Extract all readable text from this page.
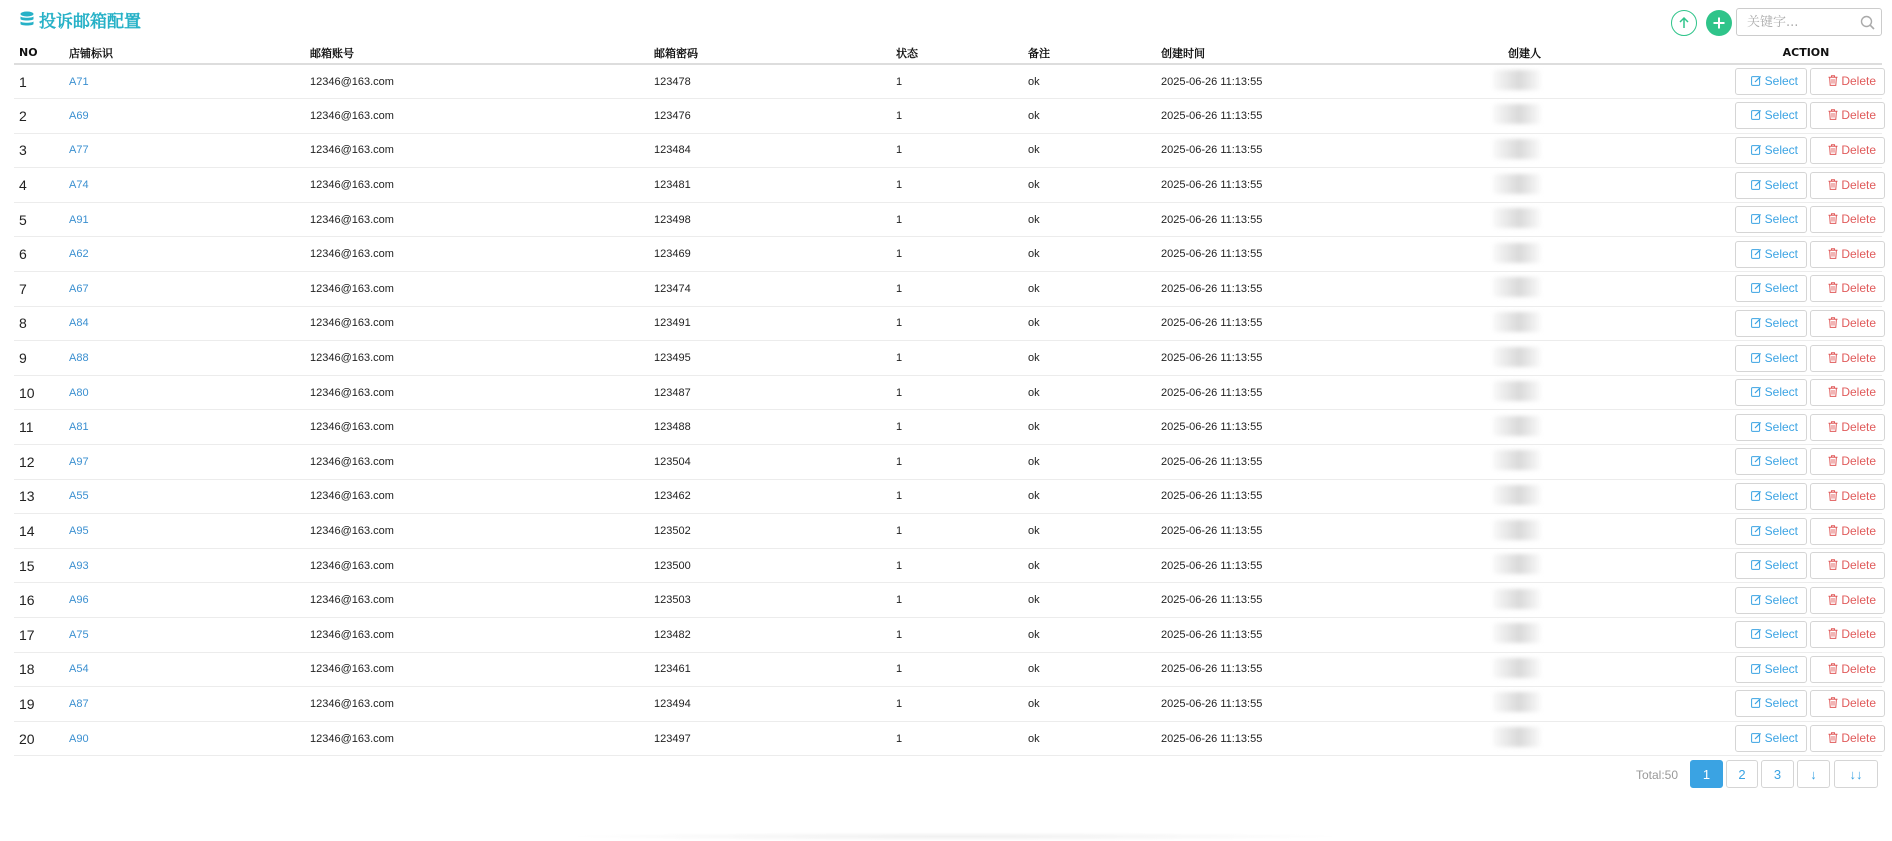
投诉邮箱配置
关键字...
NO	店铺标识	邮箱账号	邮箱密码	状态	备注	创建时间	创建人	ACTION
1	A71	12346@163.com	123478	1	ok	2025-06-26 11:13:55		Select Delete
2	A69	12346@163.com	123476	1	ok	2025-06-26 11:13:55		Select Delete
3	A77	12346@163.com	123484	1	ok	2025-06-26 11:13:55		Select Delete
4	A74	12346@163.com	123481	1	ok	2025-06-26 11:13:55		Select Delete
5	A91	12346@163.com	123498	1	ok	2025-06-26 11:13:55		Select Delete
6	A62	12346@163.com	123469	1	ok	2025-06-26 11:13:55		Select Delete
7	A67	12346@163.com	123474	1	ok	2025-06-26 11:13:55		Select Delete
8	A84	12346@163.com	123491	1	ok	2025-06-26 11:13:55		Select Delete
9	A88	12346@163.com	123495	1	ok	2025-06-26 11:13:55		Select Delete
10	A80	12346@163.com	123487	1	ok	2025-06-26 11:13:55		Select Delete
11	A81	12346@163.com	123488	1	ok	2025-06-26 11:13:55		Select Delete
12	A97	12346@163.com	123504	1	ok	2025-06-26 11:13:55		Select Delete
13	A55	12346@163.com	123462	1	ok	2025-06-26 11:13:55		Select Delete
14	A95	12346@163.com	123502	1	ok	2025-06-26 11:13:55		Select Delete
15	A93	12346@163.com	123500	1	ok	2025-06-26 11:13:55		Select Delete
16	A96	12346@163.com	123503	1	ok	2025-06-26 11:13:55		Select Delete
17	A75	12346@163.com	123482	1	ok	2025-06-26 11:13:55		Select Delete
18	A54	12346@163.com	123461	1	ok	2025-06-26 11:13:55		Select Delete
19	A87	12346@163.com	123494	1	ok	2025-06-26 11:13:55		Select Delete
20	A90	12346@163.com	123497	1	ok	2025-06-26 11:13:55		Select Delete
Total:50	1	2	3	↓	↓↓
